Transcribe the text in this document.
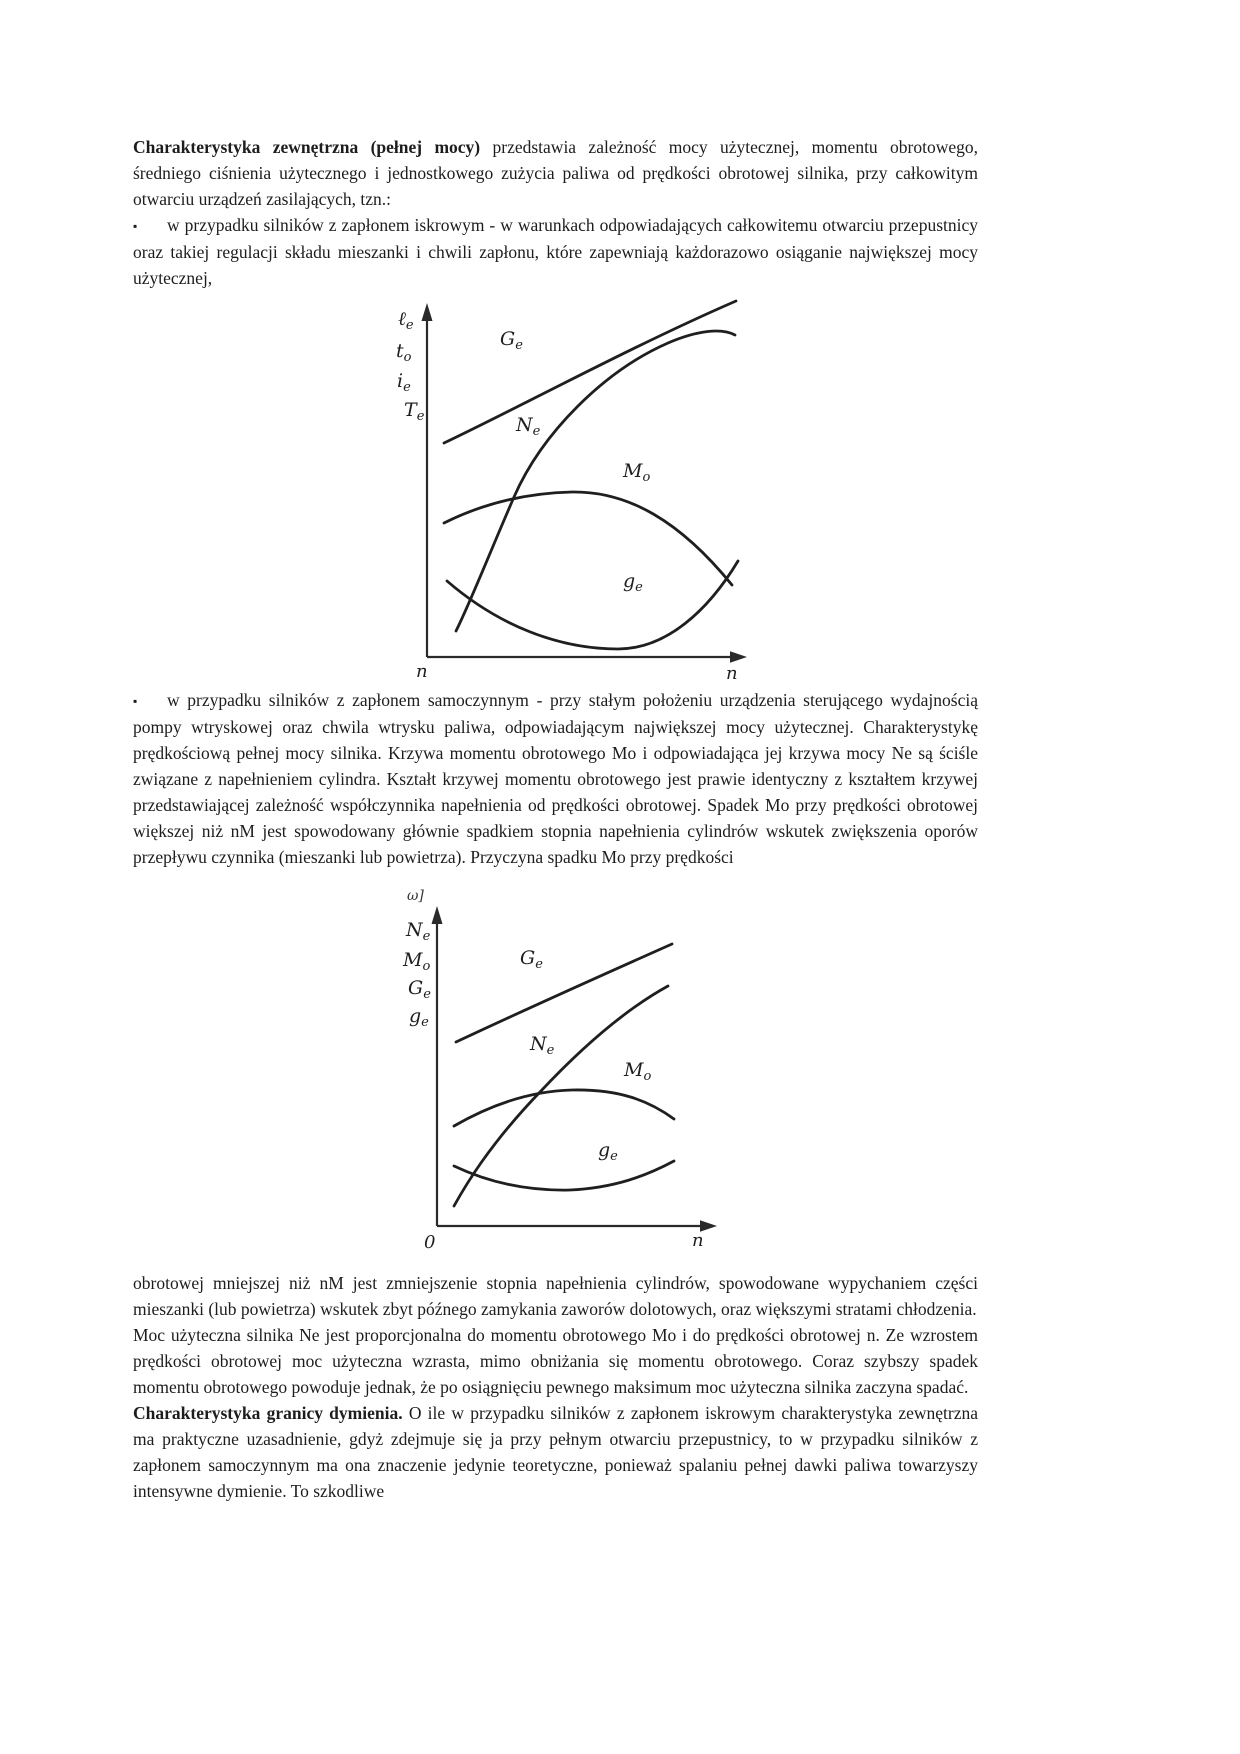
Charakterystyka zewnętrzna (pełnej mocy) przedstawia zależność mocy użytecznej, momentu obrotowego, średniego ciśnienia użytecznego i jednostkowego zużycia paliwa od prędkości obrotowej silnika, przy całkowitym otwarciu urządzeń zasilających, tzn.:

▪ w przypadku silników z zapłonem iskrowym - w warunkach odpowiadających całkowitemu otwarciu przepustnicy oraz takiej regulacji składu mieszanki i chwili zapłonu, które zapewniają każdorazowo osiąganie największej mocy użytecznej,

ℓ$_e$
$t_o$
$i_e$
$T_e$
$G_e$
$N_e$
$M_o$
$g_e$
n	n

▪ w przypadku silników z zapłonem samoczynnym - przy stałym położeniu urządzenia sterującego wydajnością pompy wtryskowej oraz chwila wtrysku paliwa, odpowiadającym największej mocy użytecznej. Charakterystykę prędkościową pełnej mocy silnika. Krzywa momentu obrotowego Mo i odpowiadająca jej krzywa mocy Ne są ściśle związane z napełnieniem cylindra. Kształt krzywej momentu obrotowego jest prawie identyczny z kształtem krzywej przedstawiającej zależność współczynnika napełnienia od prędkości obrotowej. Spadek Mo przy prędkości obrotowej większej niż nM jest spowodowany głównie spadkiem stopnia napełnienia cylindrów wskutek zwiększenia oporów przepływu czynnika (mieszanki lub powietrza). Przyczyna spadku Mo przy prędkości

ω]
$N_e$
$M_o$
$G_e$
$g_e$
$G_e$
$N_e$
$M_o$
$g_e$
0	n

obrotowej mniejszej niż nM jest zmniejszenie stopnia napełnienia cylindrów, spowodowane wypychaniem części mieszanki (lub powietrza) wskutek zbyt późnego zamykania zaworów dolotowych, oraz większymi stratami chłodzenia.

Moc użyteczna silnika Ne jest proporcjonalna do momentu obrotowego Mo i do prędkości obrotowej n. Ze wzrostem prędkości obrotowej moc użyteczna wzrasta, mimo obniżania się momentu obrotowego. Coraz szybszy spadek momentu obrotowego powoduje jednak, że po osiągnięciu pewnego maksimum moc użyteczna silnika zaczyna spadać.

Charakterystyka granicy dymienia. O ile w przypadku silników z zapłonem iskrowym charakterystyka zewnętrzna ma praktyczne uzasadnienie, gdyż zdejmuje się ja przy pełnym otwarciu przepustnicy, to w przypadku silników z zapłonem samoczynnym ma ona znaczenie jedynie teoretyczne, ponieważ spalaniu pełnej dawki paliwa towarzyszy intensywne dymienie. To szkodliwe
